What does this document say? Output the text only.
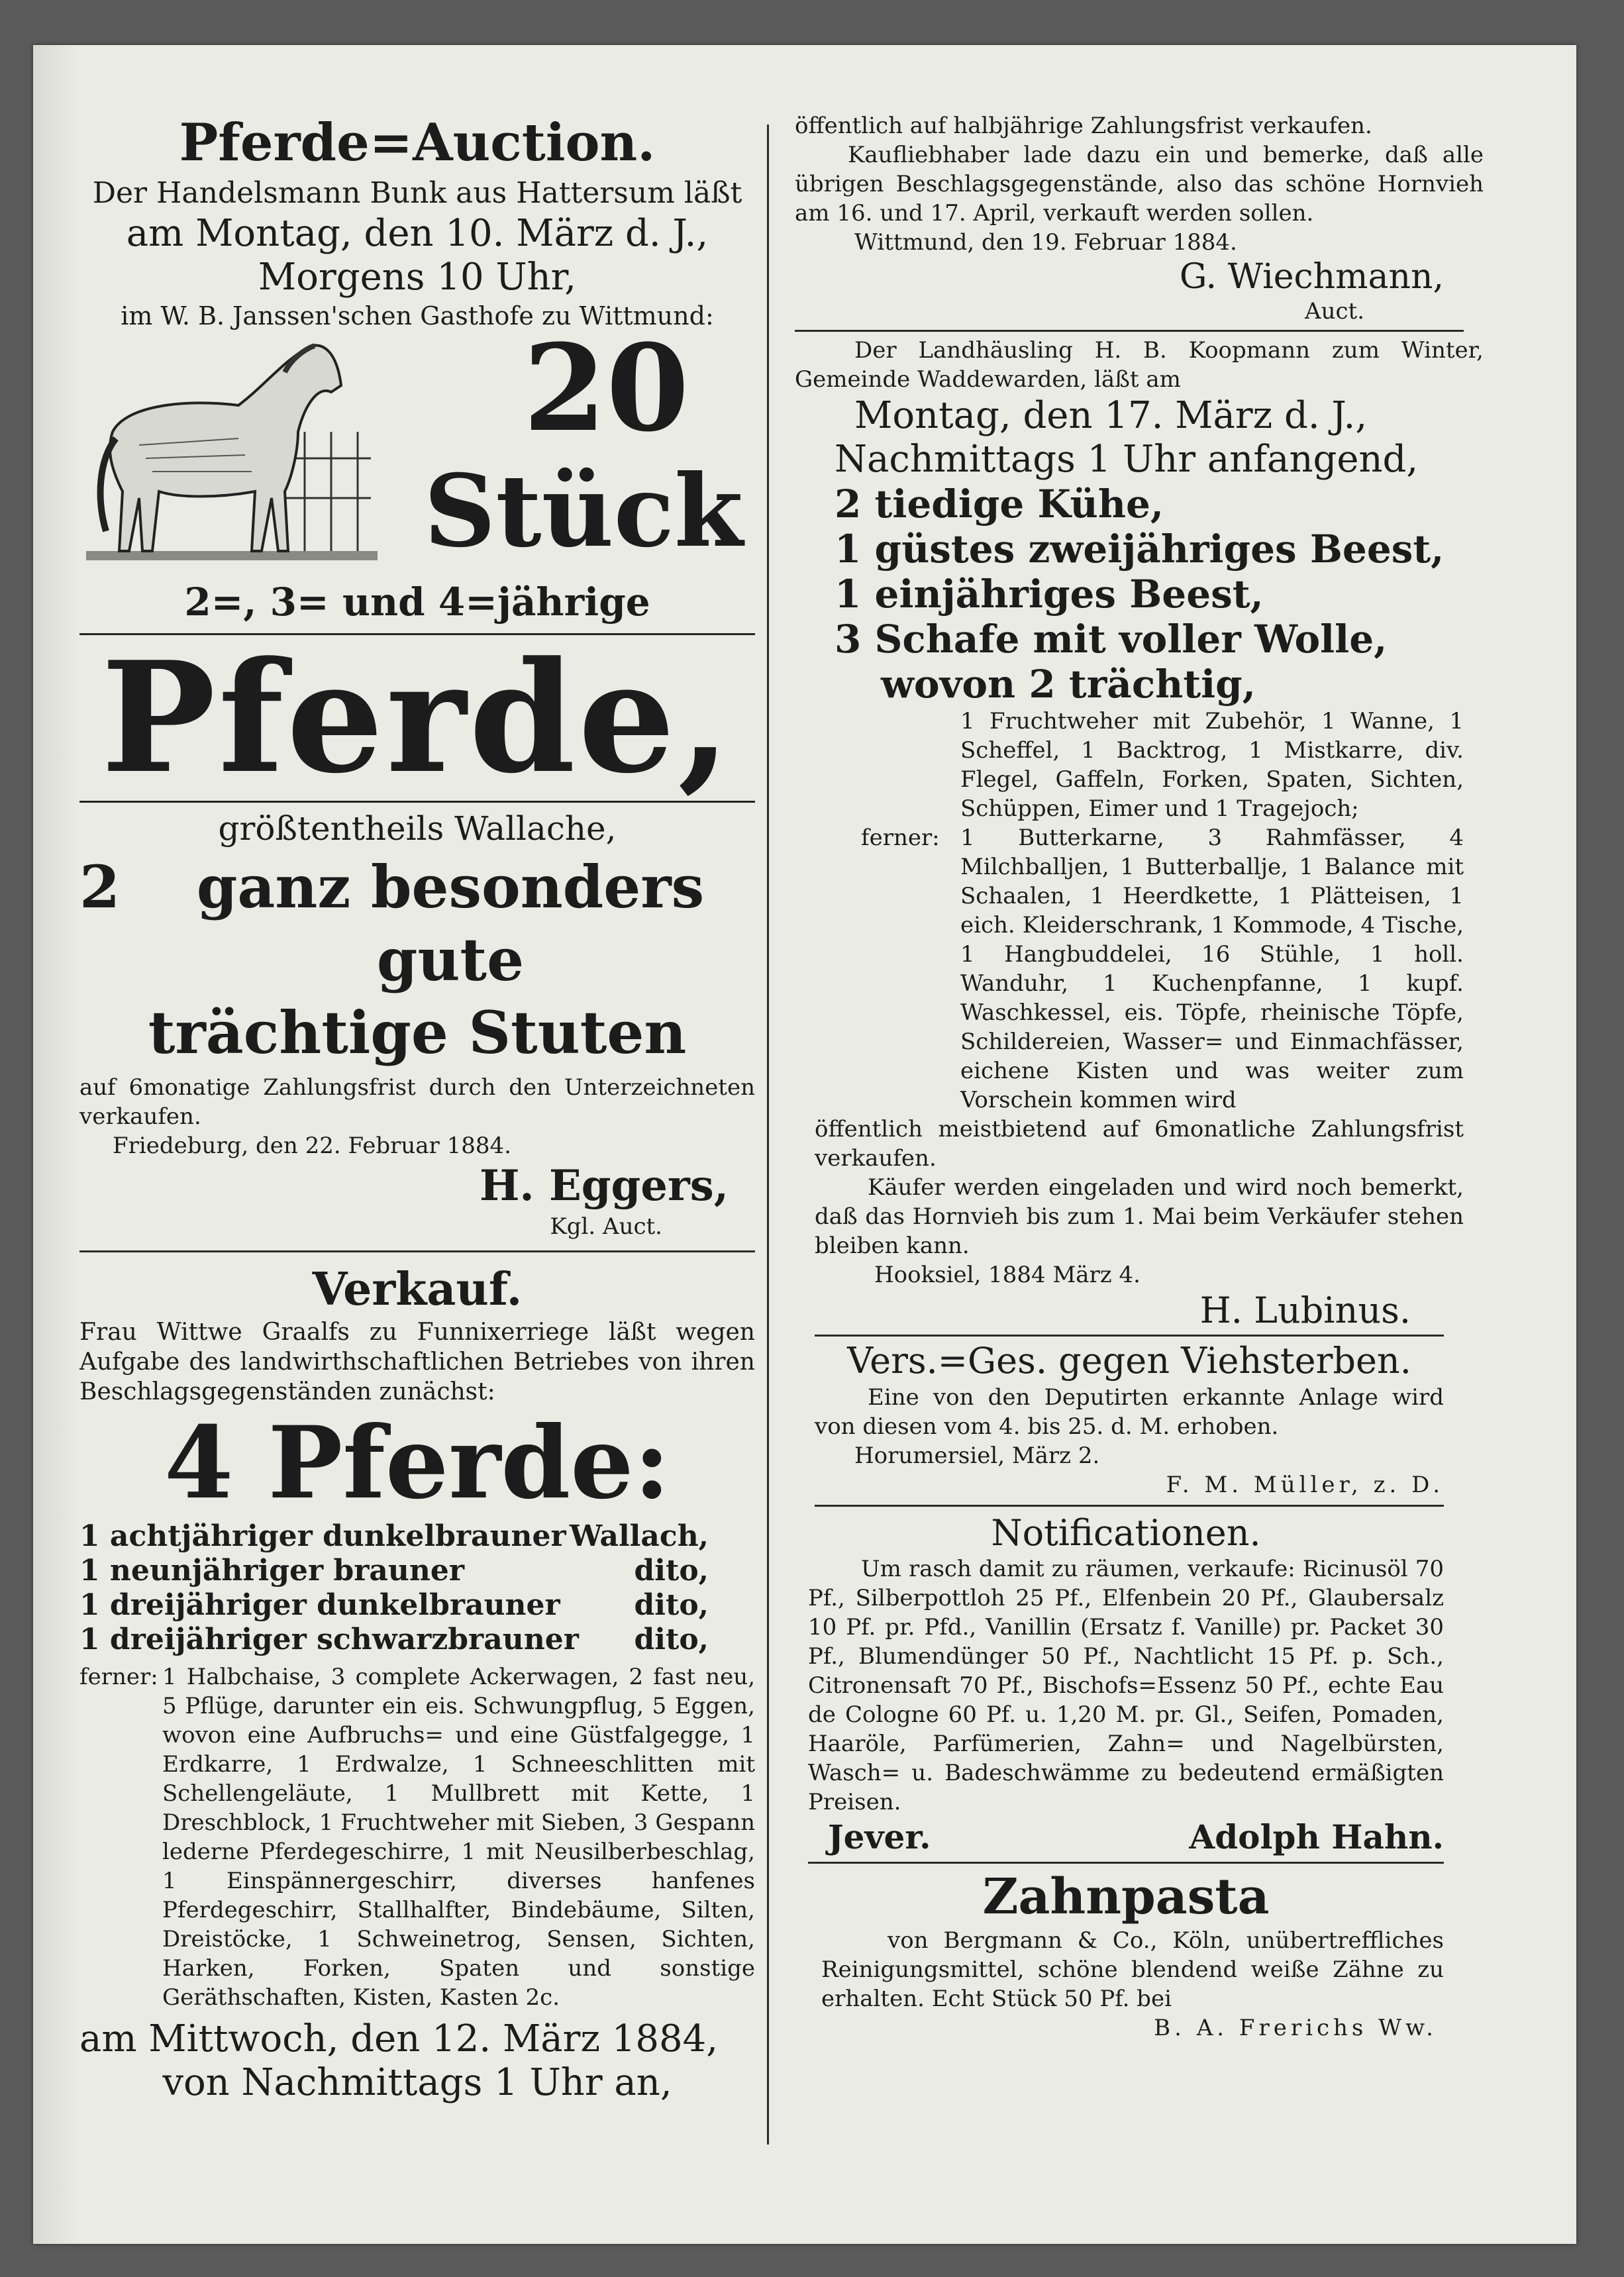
Pferde=Auction.

Der Handelsmann Bunk aus Hattersum läßt

am Montag, den 10. März d. J.,

Morgens 10 Uhr,

im W. B. Janssen'schen Gasthofe zu Wittmund:

20
Stück

2=, 3= und 4=jährige

Pferde,

größtentheils Wallache,

2	ganz besonders gute

trächtige Stuten

auf 6monatige Zahlungsfrist durch den Unterzeichneten verkaufen.

Friedeburg, den 22. Februar 1884.

H. Eggers,

Kgl. Auct.

Verkauf.

Frau Wittwe Graalfs zu Funnixerriege läßt wegen Aufgabe des landwirthschaftlichen Betriebes von ihren Beschlagsgegenständen zunächst:

4 Pferde:

1 achtjähriger dunkelbrauner Wallach,
1 neunjähriger brauner	dito,
1 dreijähriger dunkelbrauner	dito,
1 dreijähriger schwarzbrauner dito,
ferner: 1 Halbchaise, 3 complete Ackerwagen, 2 fast neu, 5 Pflüge, darunter ein eis. Schwungpflug, 5 Eggen, wovon eine Aufbruchs= und eine Güstfalgegge, 1 Erdkarre, 1 Erdwalze, 1 Schneeschlitten mit Schellengeläute, 1 Mullbrett mit Kette, 1 Dreschblock, 1 Fruchtweher mit Sieben, 3 Gespann lederne Pferdegeschirre, 1 mit Neusilberbeschlag, 1 Einspännergeschirr, diverses hanfenes Pferdegeschirr, Stallhalfter, Bindebäume, Silten, Dreistöcke, 1 Schweinetrog, Sensen, Sichten, Harken, Forken, Spaten und sonstige Geräthschaften, Kisten, Kasten 2c.

am Mittwoch, den 12. März 1884,

von Nachmittags 1 Uhr an,

öffentlich auf halbjährige Zahlungsfrist verkaufen.

Kaufliebhaber lade dazu ein und bemerke, daß alle übrigen Beschlagsgegenstände, also das schöne Hornvieh am 16. und 17. April, verkauft werden sollen.

Wittmund, den 19. Februar 1884.

G. Wiechmann,

Auct.

Der Landhäusling H. B. Koopmann zum Winter, Gemeinde Waddewarden, läßt am

Montag, den 17. März d. J.,

Nachmittags 1 Uhr anfangend,

2 tiedige Kühe,

1 güstes zweijähriges Beest,

1 einjähriges Beest,

3 Schafe mit voller Wolle,

wovon 2 trächtig,

1 Fruchtweher mit Zubehör, 1 Wanne, 1 Scheffel, 1 Backtrog, 1 Mistkarre, div. Flegel, Gaffeln, Forken, Spaten, Sichten, Schüppen, Eimer und 1 Tragejoch;

ferner: 1 Butterkarne, 3 Rahmfässer, 4 Milchballjen, 1 Butterballje, 1 Balance mit Schaalen, 1 Heerdkette, 1 Plätteisen, 1 eich. Kleiderschrank, 1 Kommode, 4 Tische, 1 Hangbuddelei, 16 Stühle, 1 holl. Wanduhr, 1 Kuchenpfanne, 1 kupf. Waschkessel, eis. Töpfe, rheinische Töpfe, Schildereien, Wasser= und Einmachfässer, eichene Kisten und was weiter zum Vorschein kommen wird

öffentlich meistbietend auf 6monatliche Zahlungsfrist verkaufen.

Käufer werden eingeladen und wird noch bemerkt, daß das Hornvieh bis zum 1. Mai beim Verkäufer stehen bleiben kann.

Hooksiel, 1884 März 4.

H. Lubinus.

Vers.=Ges. gegen Viehsterben.

Eine von den Deputirten erkannte Anlage wird von diesen vom 4. bis 25. d. M. erhoben.

Horumersiel, März 2.

F. M. Müller, z. D.

Notificationen.

Um rasch damit zu räumen, verkaufe: Ricinusöl 70 Pf., Silberpottloh 25 Pf., Elfenbein 20 Pf., Glaubersalz 10 Pf. pr. Pfd., Vanillin (Ersatz f. Vanille) pr. Packet 30 Pf., Blumendünger 50 Pf., Nachtlicht 15 Pf. p. Sch., Citronensaft 70 Pf., Bischofs=Essenz 50 Pf., echte Eau de Cologne 60 Pf. u. 1,20 M. pr. Gl., Seifen, Pomaden, Haaröle, Parfümerien, Zahn= und Nagelbürsten, Wasch= u. Badeschwämme zu bedeutend ermäßigten Preisen.

Jever.	Adolph Hahn.

Zahnpasta

von Bergmann & Co., Köln, unübertreffliches Reinigungsmittel, schöne blendend weiße Zähne zu erhalten. Echt Stück 50 Pf. bei

B. A. Frerichs Ww.
